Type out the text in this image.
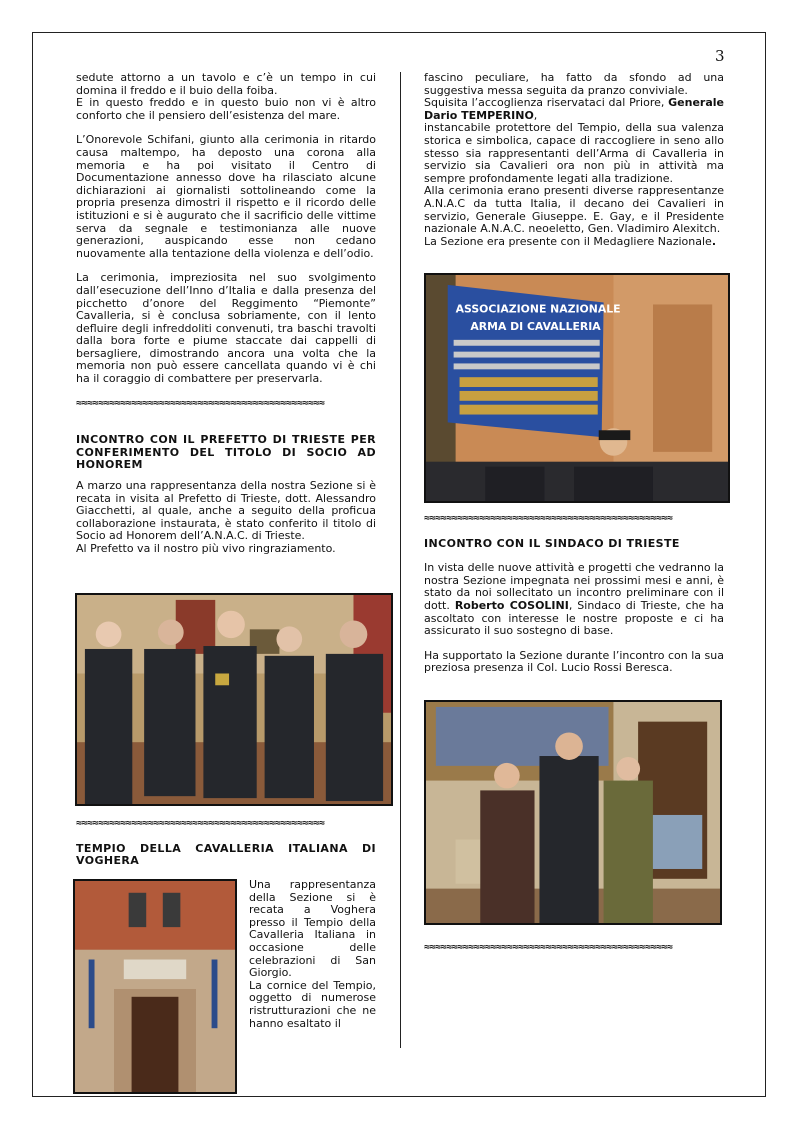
3

sedute attorno a un tavolo e c’è un tempo in cui domina il freddo e il buio della foiba.

E in questo freddo e in questo buio non vi è altro conforto che il pensiero dell’esistenza del mare.

L’Onorevole Schifani, giunto alla cerimonia in ritardo causa maltempo, ha deposto una corona alla memoria e ha poi visitato il Centro di Documentazione annesso dove ha rilasciato alcune dichiarazioni ai giornalisti sottolineando come la propria presenza dimostri il rispetto e il ricordo delle istituzioni e si è augurato che il sacrificio delle vittime serva da segnale e testimonianza alle nuove generazioni, auspicando esse non cedano nuovamente alla tentazione della violenza e dell’odio.

La cerimonia, impreziosita nel suo svolgimento dall’esecuzione dell’Inno d’Italia e dalla presenza del picchetto d’onore del Reggimento “Piemonte” Cavalleria, si è conclusa sobriamente, con il lento defluire degli infreddoliti convenuti, tra baschi travolti dalla bora forte e piume staccate dai cappelli di bersagliere, dimostrando ancora una volta che la memoria non può essere cancellata quando vi è chi ha il coraggio di combattere per preservarla.

≈≈≈≈≈≈≈≈≈≈≈≈≈≈≈≈≈≈≈≈≈≈≈≈≈≈≈≈≈≈≈≈≈≈≈≈≈≈≈≈≈≈≈≈≈

INCONTRO CON IL PREFETTO DI TRIESTE PER CONFERIMENTO DEL TITOLO DI SOCIO AD HONOREM

A marzo una rappresentanza della nostra Sezione si è recata in visita al Prefetto di Trieste, dott. Alessandro Giacchetti, al quale, anche a seguito della proficua collaborazione instaurata, è stato conferito il titolo di Socio ad Honorem dell’A.N.A.C. di Trieste.

Al Prefetto va il nostro più vivo ringraziamento.

≈≈≈≈≈≈≈≈≈≈≈≈≈≈≈≈≈≈≈≈≈≈≈≈≈≈≈≈≈≈≈≈≈≈≈≈≈≈≈≈≈≈≈≈≈

TEMPIO DELLA CAVALLERIA ITALIANA DI VOGHERA

Una rappresentanza della Sezione si è recata a Voghera presso il Tempio della Cavalleria Italiana in occasione delle celebrazioni di San Giorgio.

La cornice del Tempio, oggetto di numerose ristrutturazioni che ne hanno esaltato il

fascino peculiare, ha fatto da sfondo ad una suggestiva messa seguita da pranzo conviviale.

Squisita l’accoglienza riservataci dal Priore, Generale Dario TEMPERINO,

instancabile protettore del Tempio, della sua valenza storica e simbolica, capace di raccogliere in seno allo stesso sia rappresentanti dell’Arma di Cavalleria in servizio sia Cavalieri ora non più in attività ma sempre profondamente legati alla tradizione.

Alla cerimonia erano presenti diverse rappresentanze A.N.A.C da tutta Italia, il decano dei Cavalieri in servizio, Generale Giuseppe. E. Gay, e il Presidente nazionale A.N.A.C. neoeletto, Gen. Vladimiro Alexitch.

La Sezione era presente con il Medagliere Nazionale.

ASSOCIAZIONE NAZIONALE
ARMA DI CAVALLERIA
≈≈≈≈≈≈≈≈≈≈≈≈≈≈≈≈≈≈≈≈≈≈≈≈≈≈≈≈≈≈≈≈≈≈≈≈≈≈≈≈≈≈≈≈≈

INCONTRO CON IL SINDACO DI TRIESTE

In vista delle nuove attività e progetti che vedranno la nostra Sezione impegnata nei prossimi mesi e anni, è stato da noi sollecitato un incontro preliminare con il dott. Roberto COSOLINI, Sindaco di Trieste, che ha ascoltato con interesse le nostre proposte e ci ha assicurato il suo sostegno di base.

Ha supportato la Sezione durante l’incontro con la sua preziosa presenza il Col. Lucio Rossi Beresca.

≈≈≈≈≈≈≈≈≈≈≈≈≈≈≈≈≈≈≈≈≈≈≈≈≈≈≈≈≈≈≈≈≈≈≈≈≈≈≈≈≈≈≈≈≈
